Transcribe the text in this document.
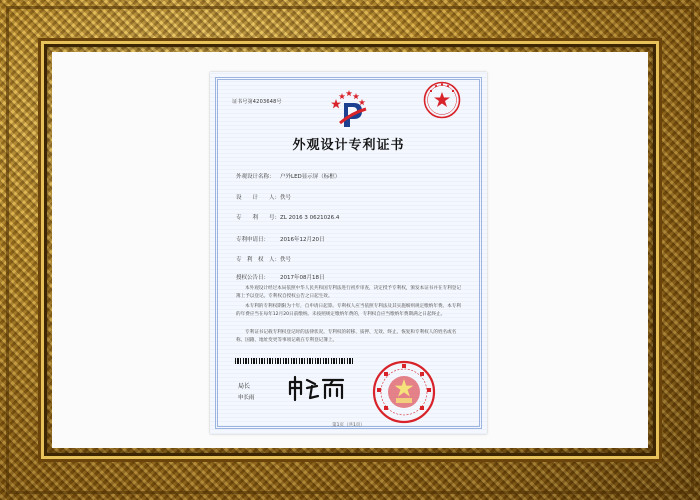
证书号第4203648号
外观设计专利证书
外观设计名称： 户外LED显示屏（标框）
设　　计　　人：佚号
专　　利　　号：ZL 2016 3 0621026.4
专利申请日： 2016年12月20日
专　利　权　人：佚号
授权公告日： 2017年08月18日

本外观设计经过本局依照中华人民共和国专利法进行初步审查，决定授予专利权，颁发本证书并在专利登记簿上予以登记。专利权自授权公告之日起生效。

本专利的专利权期限为十年，自申请日起算。专利权人应当依照专利法及其实施细则规定缴纳年费。本专利的年费应当在每年12月20日前缴纳。未按照规定缴纳年费的，专利权自应当缴纳年费期满之日起终止。

专利证书记载专利权登记时的法律状况。专利权的转移、质押、无效、终止、恢复和专利权人的姓名或名称、国籍、地址变更等事项记载在专利登记簿上。

局长
申长雨
第1页（共1页）
